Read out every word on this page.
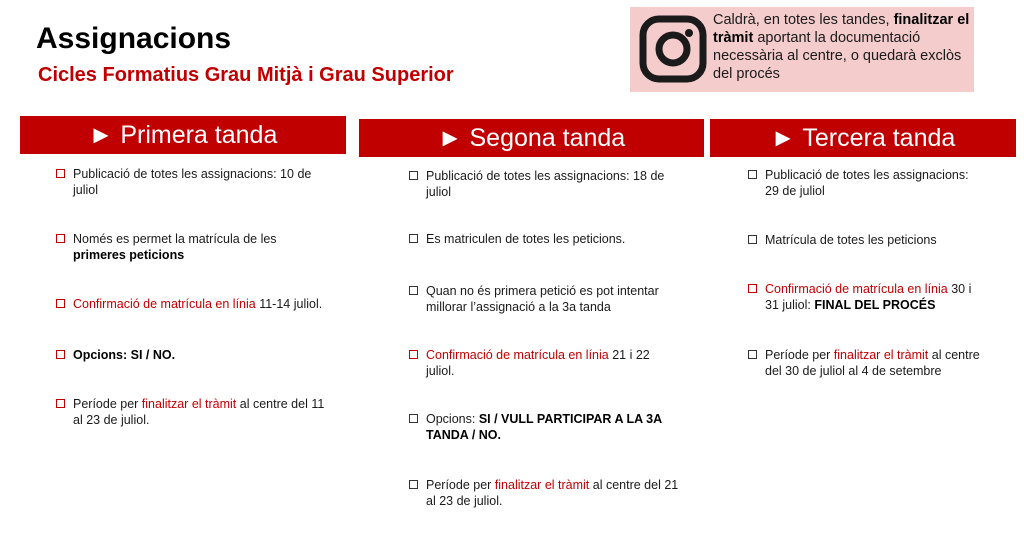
Assignacions
Cicles Formatius Grau Mitjà i Grau Superior
Caldrà, en totes les tandes, finalitzar el tràmit aportant la documentació necessària al centre, o quedarà exclòs del procés
►
Primera tanda
Publicació de totes les assignacions: 10 de
juliol
Només es permet la matrícula de les
primeres peticions
Confirmació de matrícula en línia 11-14 juliol.
Opcions: SI / NO.
Període per finalitzar el tràmit al centre del 11
al 23 de juliol.
►
Segona tanda
Publicació de totes les assignacions: 18 de
juliol
Es matriculen de totes les peticions.
Quan no és primera petició es pot intentar
millorar l’assignació a la 3a tanda
Confirmació de matrícula en línia 21 i 22
juliol.
Opcions: SI / VULL PARTICIPAR A LA 3A
TANDA / NO.
Període per finalitzar el tràmit al centre del 21
al 23 de juliol.
►
Tercera tanda
Publicació de totes les assignacions:
29 de juliol
Matrícula de totes les peticions
Confirmació de matrícula en línia 30 i
31 juliol: FINAL DEL PROCÉS
Període per finalitzar el tràmit al centre
del 30 de juliol al 4 de setembre
